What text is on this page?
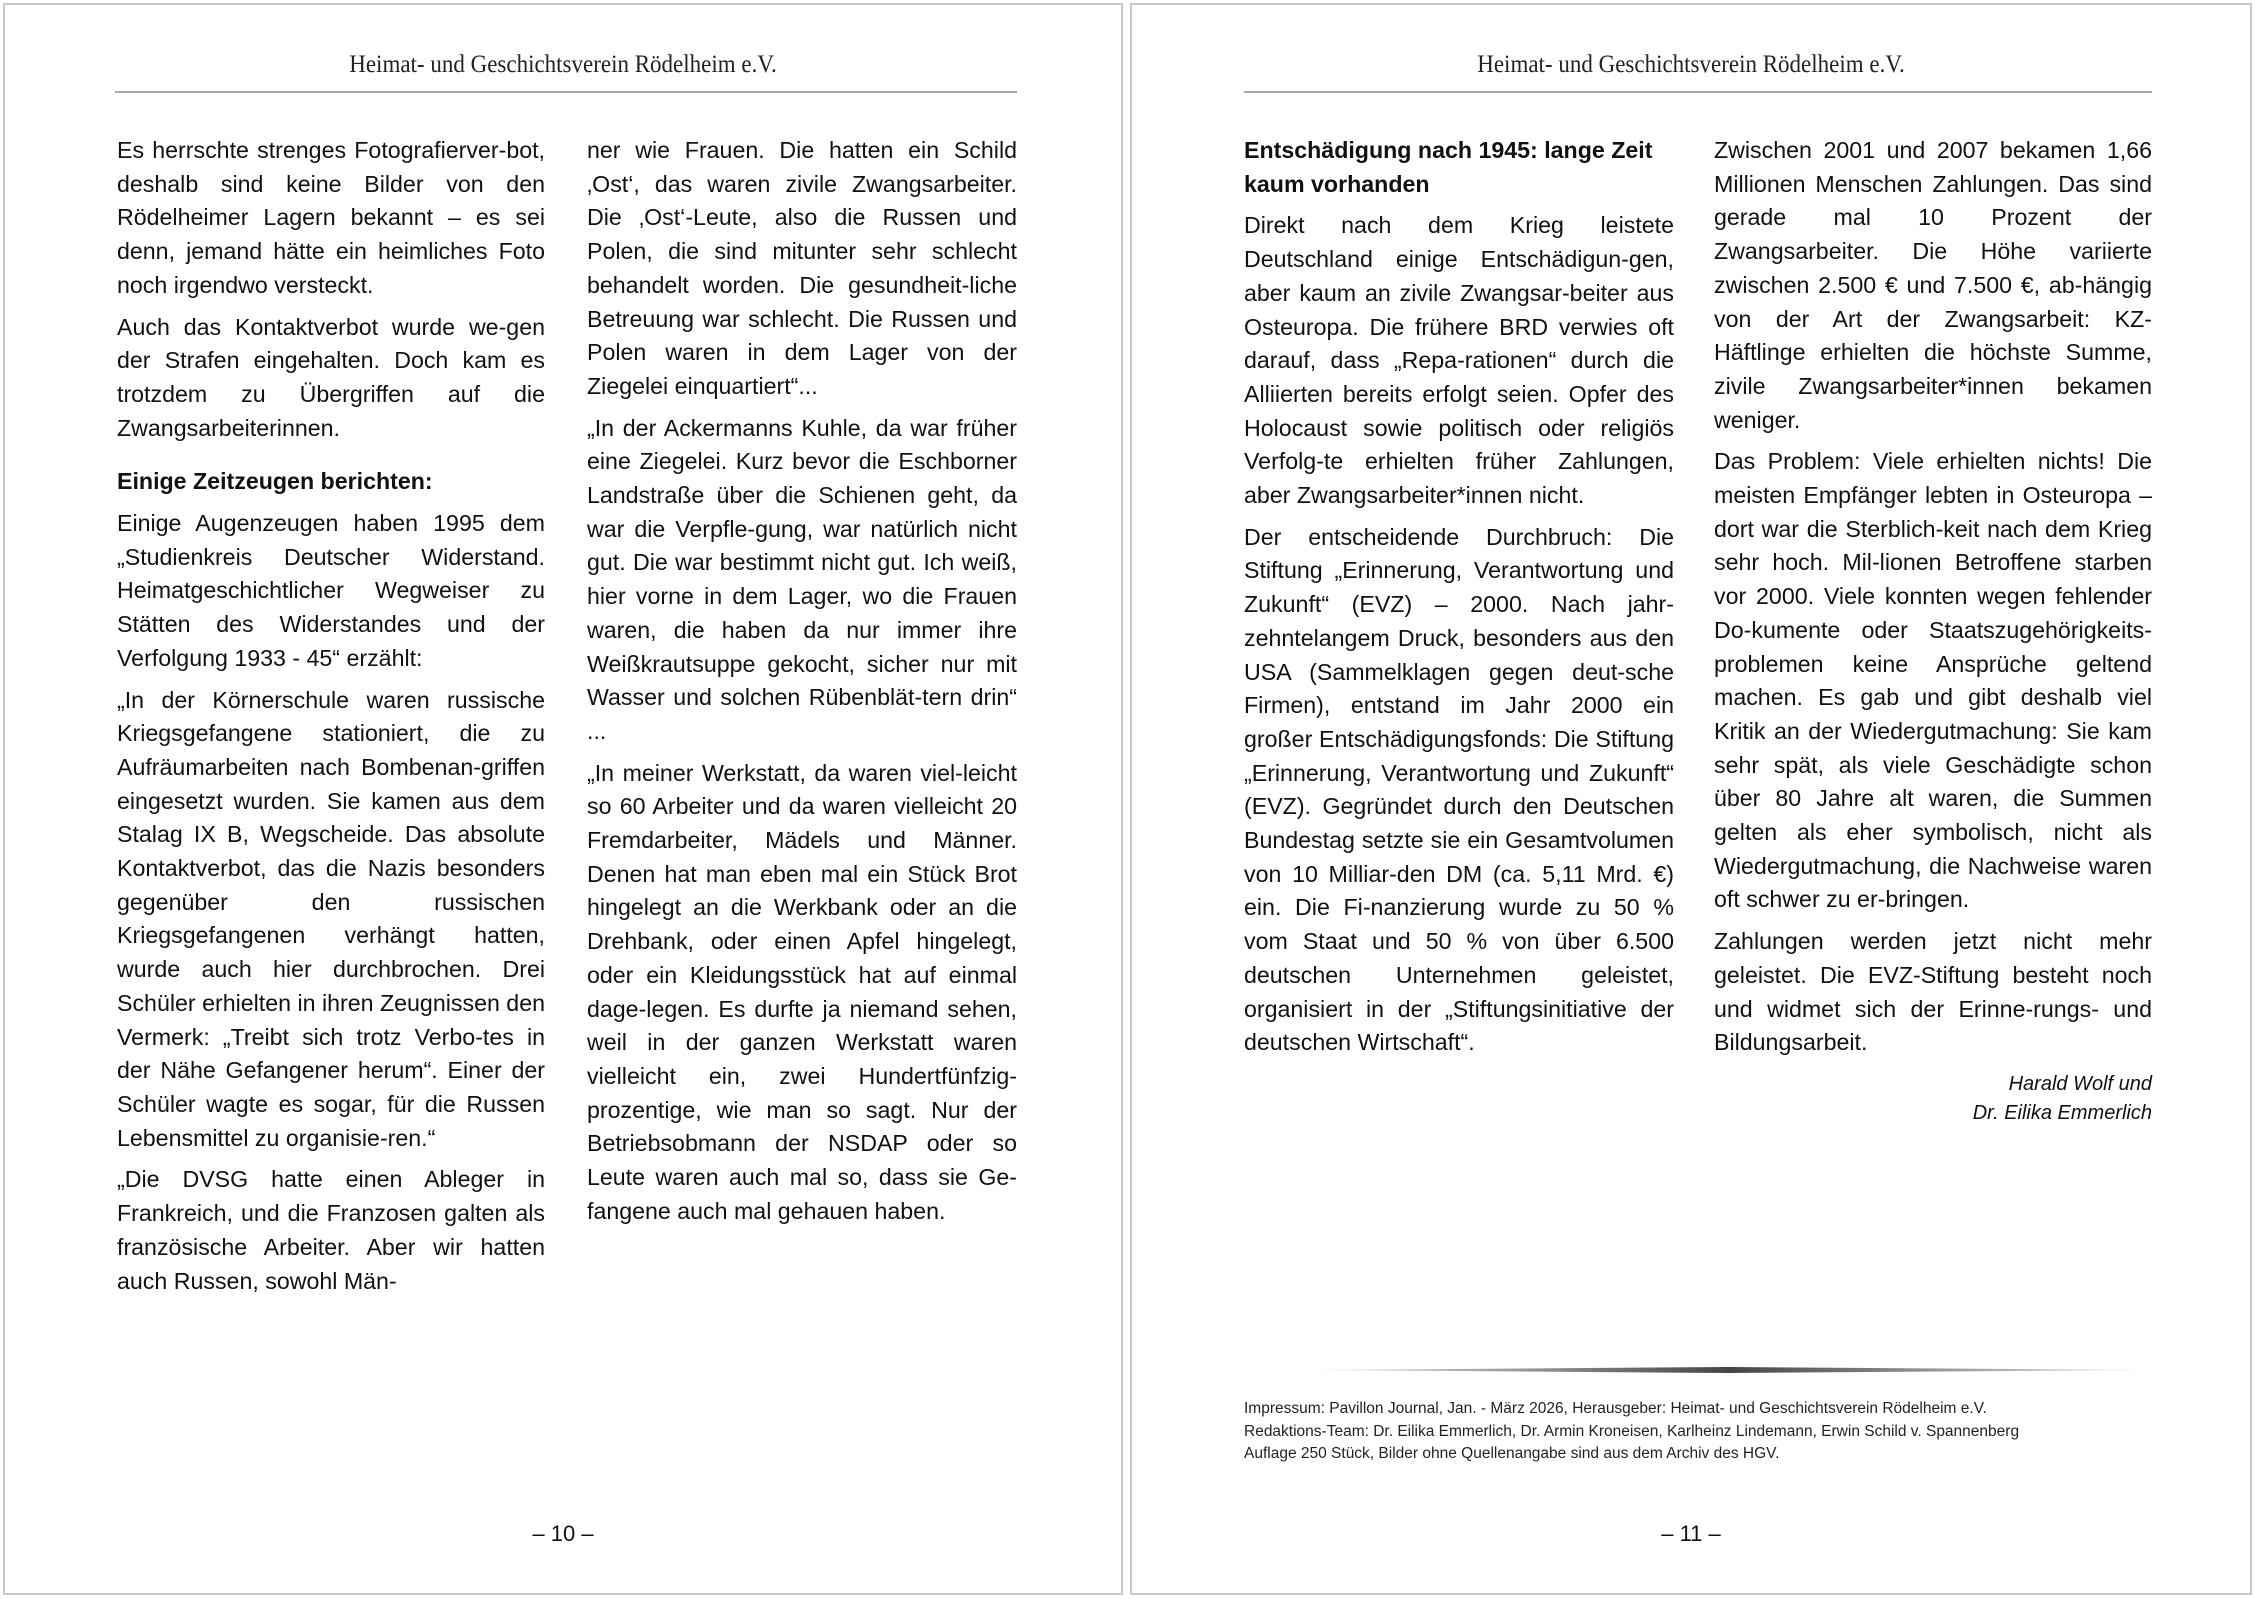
Heimat- und Geschichtsverein Rödelheim e.V.

Es herrschte strenges Fotografierver-bot, deshalb sind keine Bilder von den Rödelheimer Lagern bekannt – es sei denn, jemand hätte ein heimliches Foto noch irgendwo versteckt.

Auch das Kontaktverbot wurde we-gen der Strafen eingehalten. Doch kam es trotzdem zu Übergriffen auf die Zwangsarbeiterinnen.

Einige Zeitzeugen berichten:

Einige Augenzeugen haben 1995 dem „Studienkreis Deutscher Widerstand. Heimatgeschichtlicher Wegweiser zu Stätten des Widerstandes und der Verfolgung 1933 - 45“ erzählt:

„In der Körnerschule waren russische Kriegsgefangene stationiert, die zu Aufräumarbeiten nach Bombenan-griffen eingesetzt wurden. Sie kamen aus dem Stalag IX B, Wegscheide. Das absolute Kontaktverbot, das die Nazis besonders gegenüber den russischen Kriegsgefangenen verhängt hatten, wurde auch hier durchbrochen. Drei Schüler erhielten in ihren Zeugnissen den Vermerk: „Treibt sich trotz Verbo-tes in der Nähe Gefangener herum“. Einer der Schüler wagte es sogar, für die Russen Lebensmittel zu organisie-ren.“

„Die DVSG hatte einen Ableger in Frankreich, und die Franzosen galten als französische Arbeiter. Aber wir hatten auch Russen, sowohl Män-

ner wie Frauen. Die hatten ein Schild ‚Ost‘, das waren zivile Zwangsarbeiter. Die ‚Ost‘-Leute, also die Russen und Polen, die sind mitunter sehr schlecht behandelt worden. Die gesundheit-liche Betreuung war schlecht. Die Russen und Polen waren in dem Lager von der Ziegelei einquartiert“...

„In der Ackermanns Kuhle, da war früher eine Ziegelei. Kurz bevor die Eschborner Landstraße über die Schienen geht, da war die Verpfle-gung, war natürlich nicht gut. Die war bestimmt nicht gut. Ich weiß, hier vorne in dem Lager, wo die Frauen waren, die haben da nur immer ihre Weißkrautsuppe gekocht, sicher nur mit Wasser und solchen Rübenblät-tern drin“ ...

„In meiner Werkstatt, da waren viel-leicht so 60 Arbeiter und da waren vielleicht 20 Fremdarbeiter, Mädels und Männer. Denen hat man eben mal ein Stück Brot hingelegt an die Werkbank oder an die Drehbank, oder einen Apfel hingelegt, oder ein Kleidungsstück hat auf einmal dage-legen. Es durfte ja niemand sehen, weil in der ganzen Werkstatt waren vielleicht ein, zwei Hundertfünfzig-prozentige, wie man so sagt. Nur der Betriebsobmann der NSDAP oder so Leute waren auch mal so, dass sie Ge-fangene auch mal gehauen haben.

– 10 –
Heimat- und Geschichtsverein Rödelheim e.V.
Entschädigung nach 1945: lange Zeit kaum vorhanden

Direkt nach dem Krieg leistete Deutschland einige Entschädigun-gen, aber kaum an zivile Zwangsar-beiter aus Osteuropa. Die frühere BRD verwies oft darauf, dass „Repa-rationen“ durch die Alliierten bereits erfolgt seien. Opfer des Holocaust sowie politisch oder religiös Verfolg-te erhielten früher Zahlungen, aber Zwangsarbeiter*innen nicht.

Der entscheidende Durchbruch: Die Stiftung „Erinnerung, Verantwortung und Zukunft“ (EVZ) – 2000. Nach jahr-zehntelangem Druck, besonders aus den USA (Sammelklagen gegen deut-sche Firmen), entstand im Jahr 2000 ein großer Entschädigungsfonds: Die Stiftung „Erinnerung, Verantwortung und Zukunft“ (EVZ). Gegründet durch den Deutschen Bundestag setzte sie ein Gesamtvolumen von 10 Milliar-den DM (ca. 5,11 Mrd. €) ein. Die Fi-nanzierung wurde zu 50 % vom Staat und 50 % von über 6.500 deutschen Unternehmen geleistet, organisiert in der „Stiftungsinitiative der deutschen Wirtschaft“.

Zwischen 2001 und 2007 bekamen 1,66 Millionen Menschen Zahlungen. Das sind gerade mal 10 Prozent der Zwangsarbeiter. Die Höhe variierte zwischen 2.500 € und 7.500 €, ab-hängig von der Art der Zwangsarbeit: KZ-Häftlinge erhielten die höchste Summe, zivile Zwangsarbeiter*innen bekamen weniger.

Das Problem: Viele erhielten nichts! Die meisten Empfänger lebten in Osteuropa – dort war die Sterblich-keit nach dem Krieg sehr hoch. Mil-lionen Betroffene starben vor 2000. Viele konnten wegen fehlender Do-kumente oder Staatszugehörigkeits-problemen keine Ansprüche geltend machen. Es gab und gibt deshalb viel Kritik an der Wiedergutmachung: Sie kam sehr spät, als viele Geschädigte schon über 80 Jahre alt waren, die Summen gelten als eher symbolisch, nicht als Wiedergutmachung, die Nachweise waren oft schwer zu er-bringen.

Zahlungen werden jetzt nicht mehr geleistet. Die EVZ-Stiftung besteht noch und widmet sich der Erinne-rungs- und Bildungsarbeit.

Harald Wolf und
Dr. Eilika Emmerlich
Impressum: Pavillon Journal, Jan. - März 2026, Herausgeber: Heimat- und Geschichtsverein Rödelheim e.V.
Redaktions-Team: Dr. Eilika Emmerlich, Dr. Armin Kroneisen, Karlheinz Lindemann, Erwin Schild v. Spannenberg
Auflage 250 Stück, Bilder ohne Quellenangabe sind aus dem Archiv des HGV.
– 11 –
